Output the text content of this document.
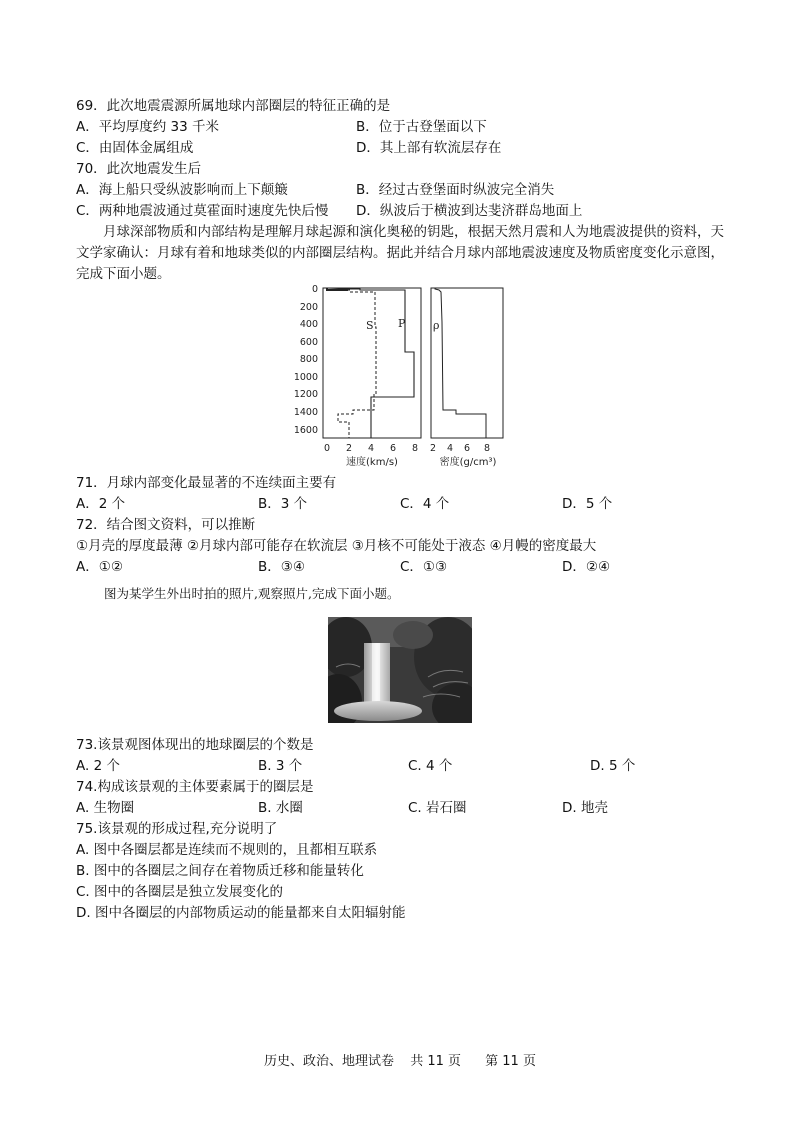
69．此次地震震源所属地球内部圈层的特征正确的是
A．平均厚度约 33 千米	B．位于古登堡面以下
C．由固体金属组成	D．其上部有软流层存在
70．此次地震发生后
A．海上船只受纵波影响而上下颠簸	B．经过古登堡面时纵波完全消失
C．两种地震波通过莫霍面时速度先快后慢 D．纵波后于横波到达斐济群岛地面上
月球深部物质和内部结构是理解月球起源和演化奥秘的钥匙，根据天然月震和人为地震波提供的资料，天文学家确认：月球有着和地球类似的内部圈层结构。据此并结合月球内部地震波速度及物质密度变化示意图，完成下面小题。
0
200
400
600
800
1000
1200
1400
1600
0 2 4 6 8 2 4 6 8
速度(km/s)	密度(g/cm³)
S P	ρ
71．月球内部变化最显著的不连续面主要有
A．2 个	B．3 个	C．4 个	D．5 个
72．结合图文资料，可以推断
①月壳的厚度最薄 ②月球内部可能存在软流层 ③月核不可能处于液态 ④月幔的密度最大
A．①②	B．③④	C．①③	D．②④
图为某学生外出时拍的照片,观察照片,完成下面小题。
73.该景观图体现出的地球圈层的个数是
A. 2 个	B. 3 个	C. 4 个	D. 5 个
74.构成该景观的主体要素属于的圈层是
A. 生物圈	B. 水圈	C. 岩石圈	D. 地壳
75.该景观的形成过程,充分说明了
A. 图中各圈层都是连续而不规则的，且都相互联系
B. 图中的各圈层之间存在着物质迁移和能量转化
C. 图中的各圈层是独立发展变化的
D. 图中各圈层的内部物质运动的能量都来自太阳辐射能
历史、政治、地理试卷 共 11 页 第 11 页
